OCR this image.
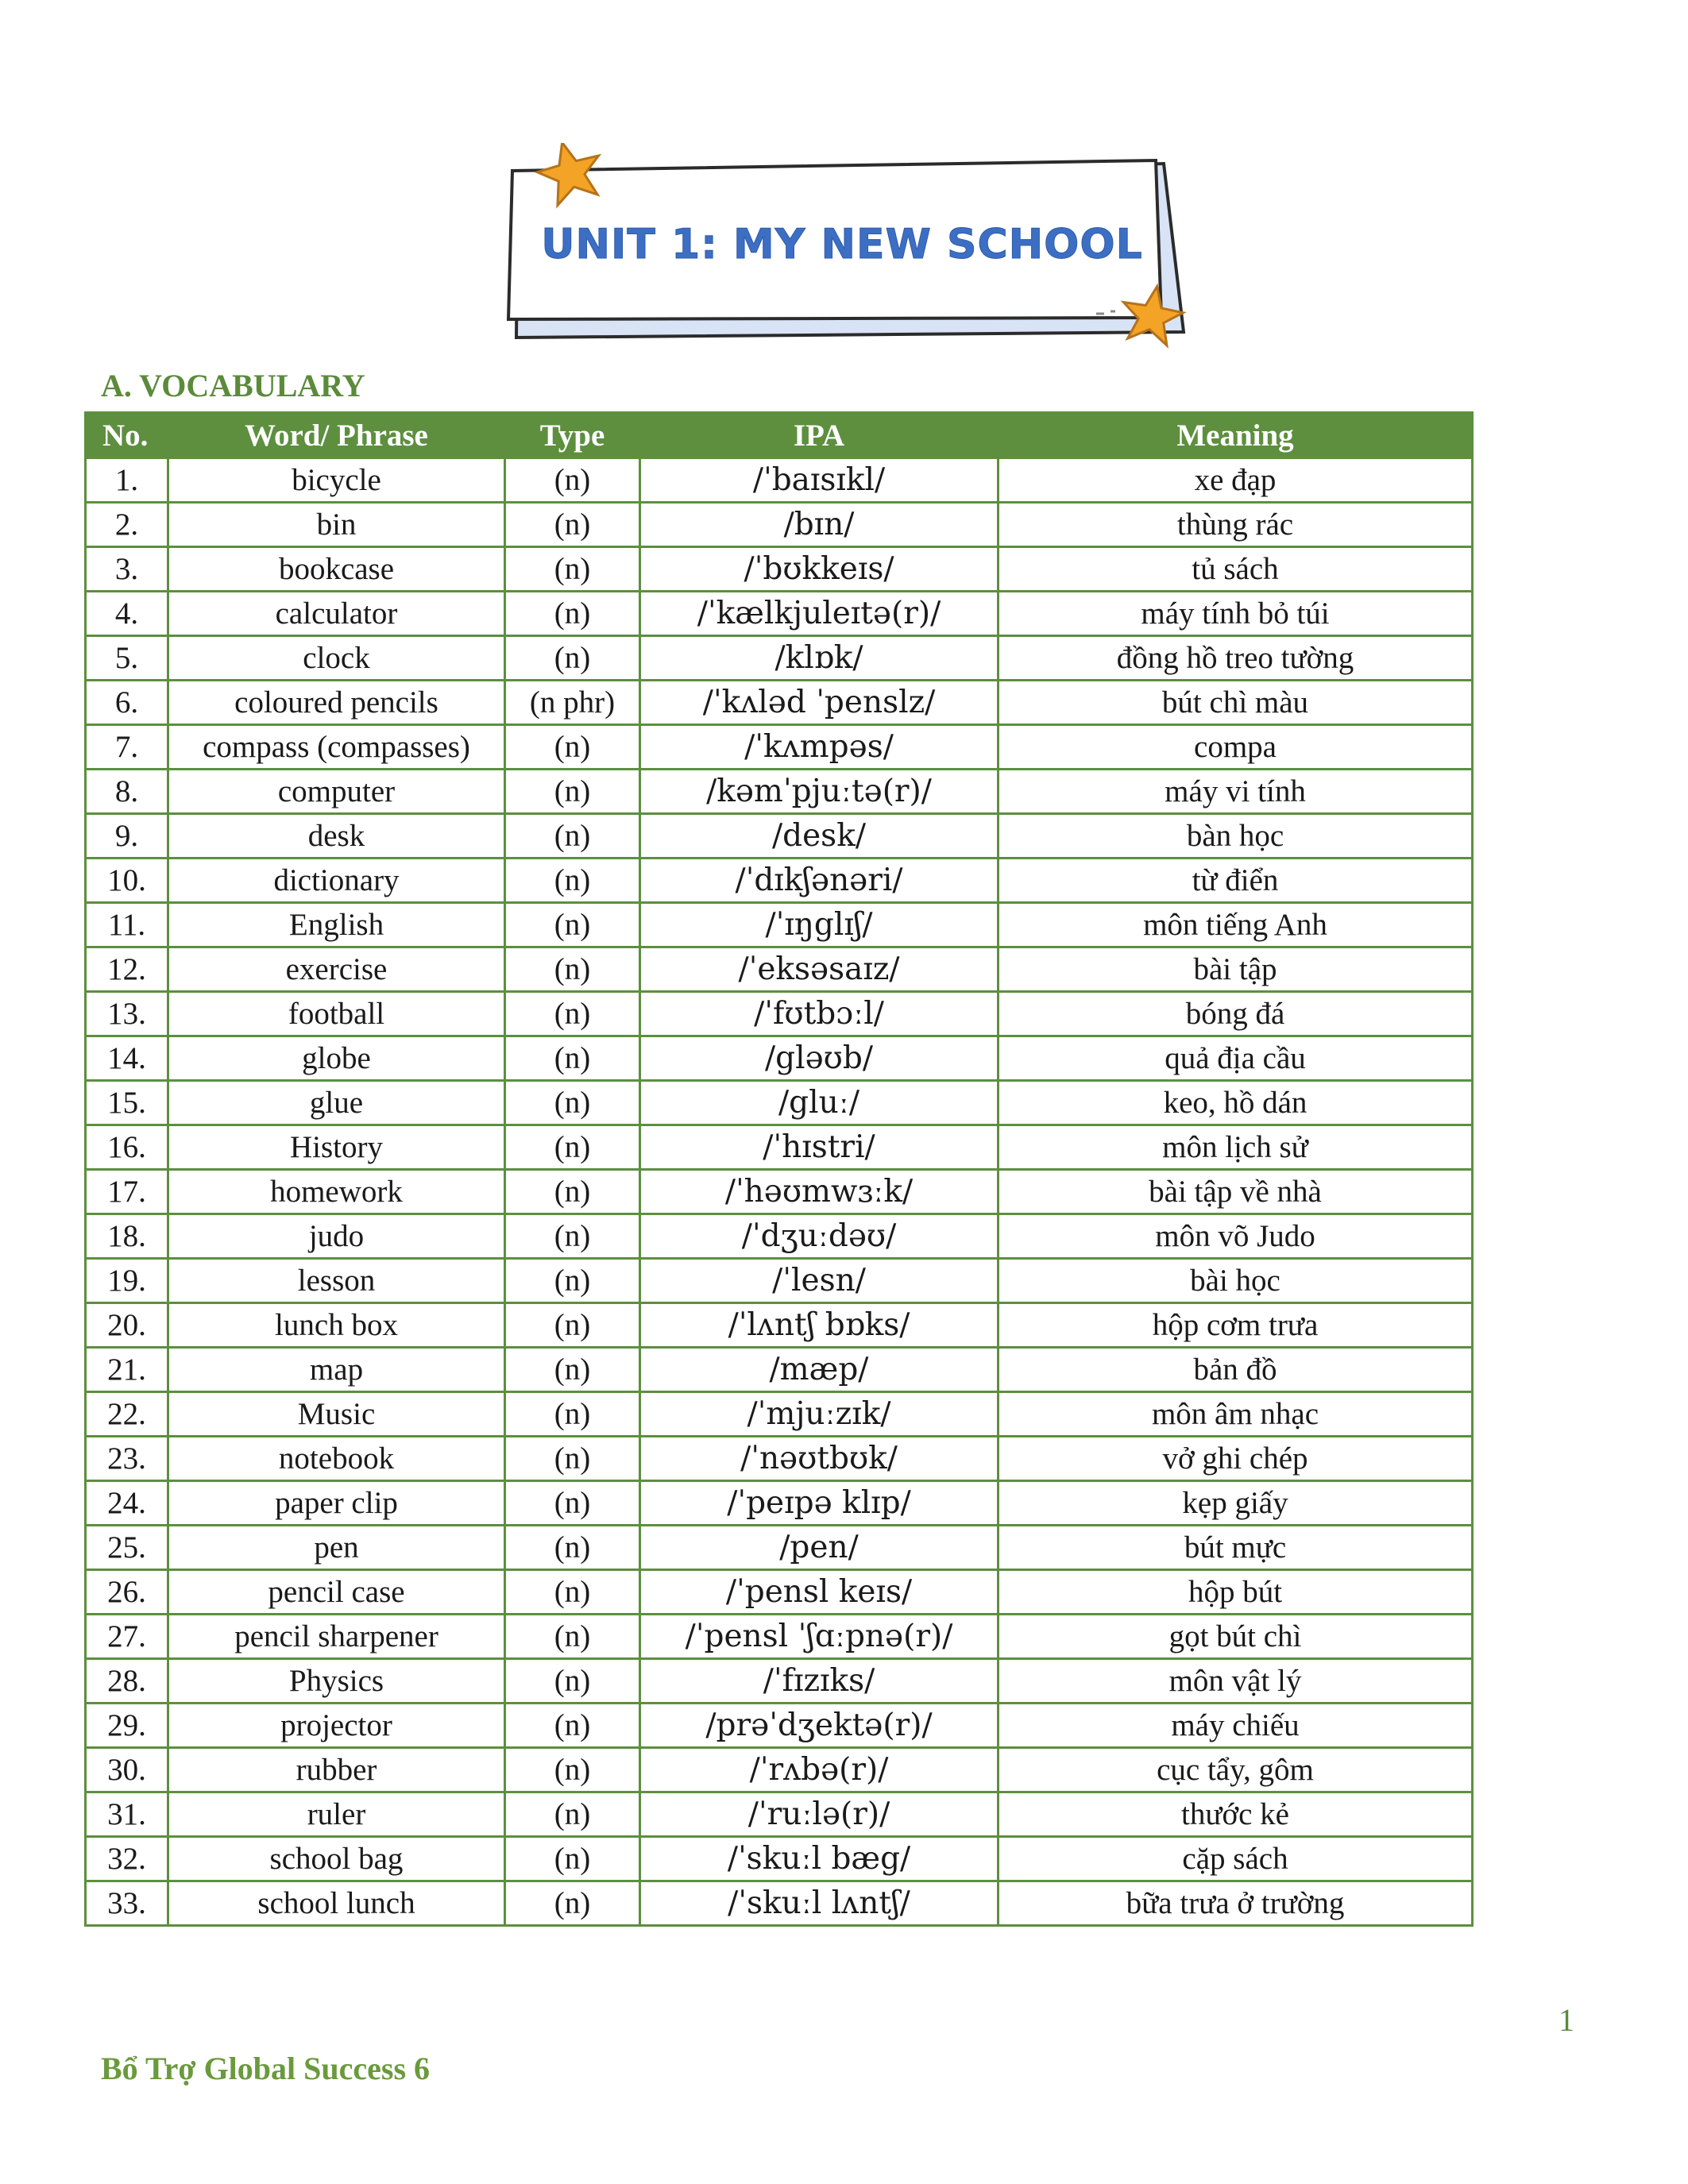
UNIT 1: MY NEW SCHOOL
A. VOCABULARY
No.	Word/ Phrase	Type	IPA	Meaning
1.	bicycle	(n)	/ˈbaɪsɪkl/	xe đạp
2.	bin	(n)	/bɪn/	thùng rác
3.	bookcase	(n)	/ˈbʊkkeɪs/	tủ sách
4.	calculator	(n)	/ˈkælkjuleɪtə(r)/	máy tính bỏ túi
5.	clock	(n)	/klɒk/	đồng hồ treo tường
6.	coloured pencils	(n phr)	/ˈkʌləd ˈpenslz/	bút chì màu
7.	compass (compasses)	(n)	/ˈkʌmpəs/	compa
8.	computer	(n)	/kəmˈpjuːtə(r)/	máy vi tính
9.	desk	(n)	/desk/	bàn học
10.	dictionary	(n)	/ˈdɪkʃənəri/	từ điển
11.	English	(n)	/ˈɪŋglɪʃ/	môn tiếng Anh
12.	exercise	(n)	/ˈeksəsaɪz/	bài tập
13.	football	(n)	/ˈfʊtbɔːl/	bóng đá
14.	globe	(n)	/gləʊb/	quả địa cầu
15.	glue	(n)	/gluː/	keo, hồ dán
16.	History	(n)	/ˈhɪstri/	môn lịch sử
17.	homework	(n)	/ˈhəʊmwɜːk/	bài tập về nhà
18.	judo	(n)	/ˈdʒuːdəʊ/	môn võ Judo
19.	lesson	(n)	/ˈlesn/	bài học
20.	lunch box	(n)	/ˈlʌntʃ bɒks/	hộp cơm trưa
21.	map	(n)	/mæp/	bản đồ
22.	Music	(n)	/ˈmjuːzɪk/	môn âm nhạc
23.	notebook	(n)	/ˈnəʊtbʊk/	vở ghi chép
24.	paper clip	(n)	/ˈpeɪpə klɪp/	kẹp giấy
25.	pen	(n)	/pen/	bút mực
26.	pencil case	(n)	/ˈpensl keɪs/	hộp bút
27.	pencil sharpener	(n)	/ˈpensl ˈʃɑːpnə(r)/	gọt bút chì
28.	Physics	(n)	/ˈfɪzɪks/	môn vật lý
29.	projector	(n)	/prəˈdʒektə(r)/	máy chiếu
30.	rubber	(n)	/ˈrʌbə(r)/	cục tẩy, gôm
31.	ruler	(n)	/ˈruːlə(r)/	thước kẻ
32.	school bag	(n)	/ˈskuːl bæg/	cặp sách
33.	school lunch	(n)	/ˈskuːl lʌntʃ/	bữa trưa ở trường
1
Bổ Trợ Global Success 6
